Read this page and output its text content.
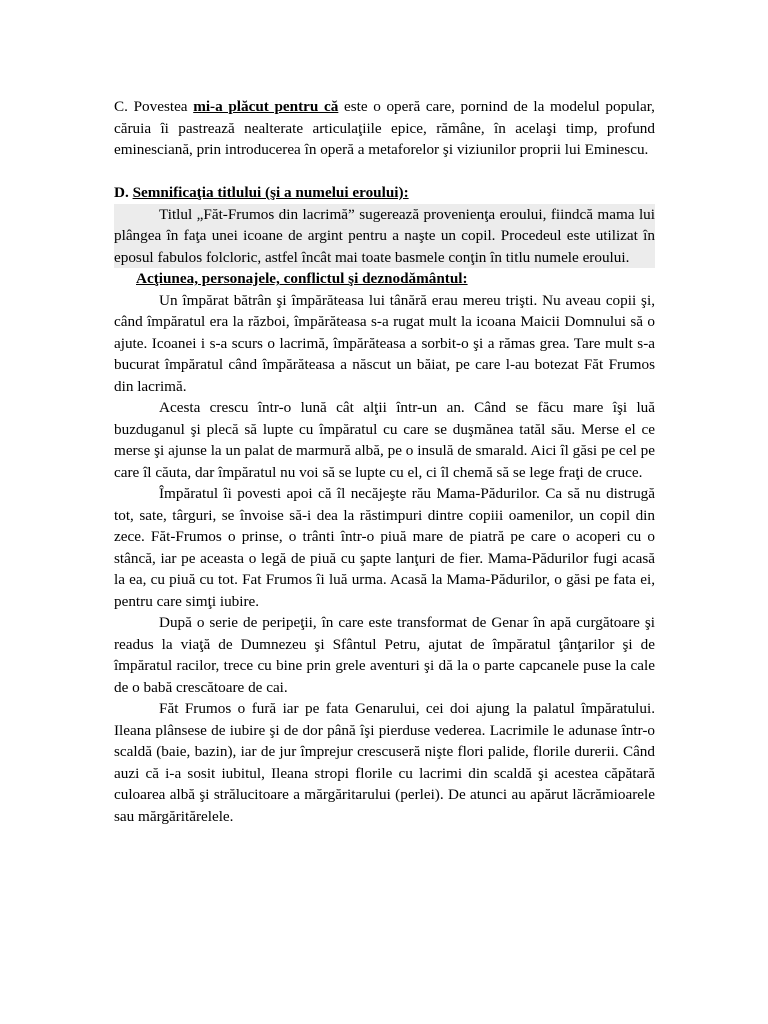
C. Povestea mi-a plăcut pentru că este o operă care, pornind de la modelul popular, căruia îi pastrează nealterate articulaţiile epice, rămâne, în acelaşi timp, profund eminesciană, prin introducerea în operă a metaforelor şi viziunilor proprii lui Eminescu.

D. Semnificaţia titlului (şi a numelui eroului):

Titlul „Făt-Frumos din lacrimă” sugerează provenienţa eroului, fiindcă mama lui plângea în faţa unei icoane de argint pentru a naşte un copil. Procedeul este utilizat în eposul fabulos folcloric, astfel încât mai toate basmele conţin în titlu numele eroului.

Acţiunea, personajele, conflictul şi deznodământul:

Un împărat bătrân şi împărăteasa lui tânără erau mereu trişti. Nu aveau copii şi, când împăratul era la război, împărăteasa s-a rugat mult la icoana Maicii Domnului să o ajute. Icoanei i s-a scurs o lacrimă, împărăteasa a sorbit-o şi a rămas grea. Tare mult s-a bucurat împăratul când împărăteasa a născut un băiat, pe care l-au botezat Făt Frumos din lacrimă.

Acesta crescu într-o lună cât alţii într-un an. Când se făcu mare îşi luă buzduganul şi plecă să lupte cu împăratul cu care se duşmănea tatăl său. Merse el ce merse şi ajunse la un palat de marmură albă, pe o insulă de smarald. Aici îl găsi pe cel pe care îl căuta, dar împăratul nu voi să se lupte cu el, ci îl chemă să se lege fraţi de cruce.

Împăratul îi povesti apoi că îl necăjeşte rău Mama-Pădurilor. Ca să nu distrugă tot, sate, târguri, se învoise să-i dea la răstimpuri dintre copiii oamenilor, un copil din zece. Făt-Frumos o prinse, o trânti într-o piuă mare de piatră pe care o acoperi cu o stâncă, iar pe aceasta o legă de piuă cu şapte lanţuri de fier. Mama-Pădurilor fugi acasă la ea, cu piuă cu tot. Fat Frumos îi luă urma. Acasă la Mama-Pădurilor, o găsi pe fata ei, pentru care simţi iubire.

După o serie de peripeţii, în care este transformat de Genar în apă curgătoare şi readus la viaţă de Dumnezeu şi Sfântul Petru, ajutat de împăratul ţânţarilor şi de împăratul racilor, trece cu bine prin grele aventuri şi dă la o parte capcanele puse la cale de o babă crescătoare de cai.

Făt Frumos o fură iar pe fata Genarului, cei doi ajung la palatul împăratului. Ileana plânsese de iubire şi de dor până îşi pierduse vederea. Lacrimile le adunase într-o scaldă (baie, bazin), iar de jur împrejur crescuseră nişte flori palide, florile durerii. Când auzi că i-a sosit iubitul, Ileana stropi florile cu lacrimi din scaldă şi acestea căpătară culoarea albă şi strălucitoare a mărgăritarului (perlei). De atunci au apărut lăcrămioarele sau mărgăritărelele.
